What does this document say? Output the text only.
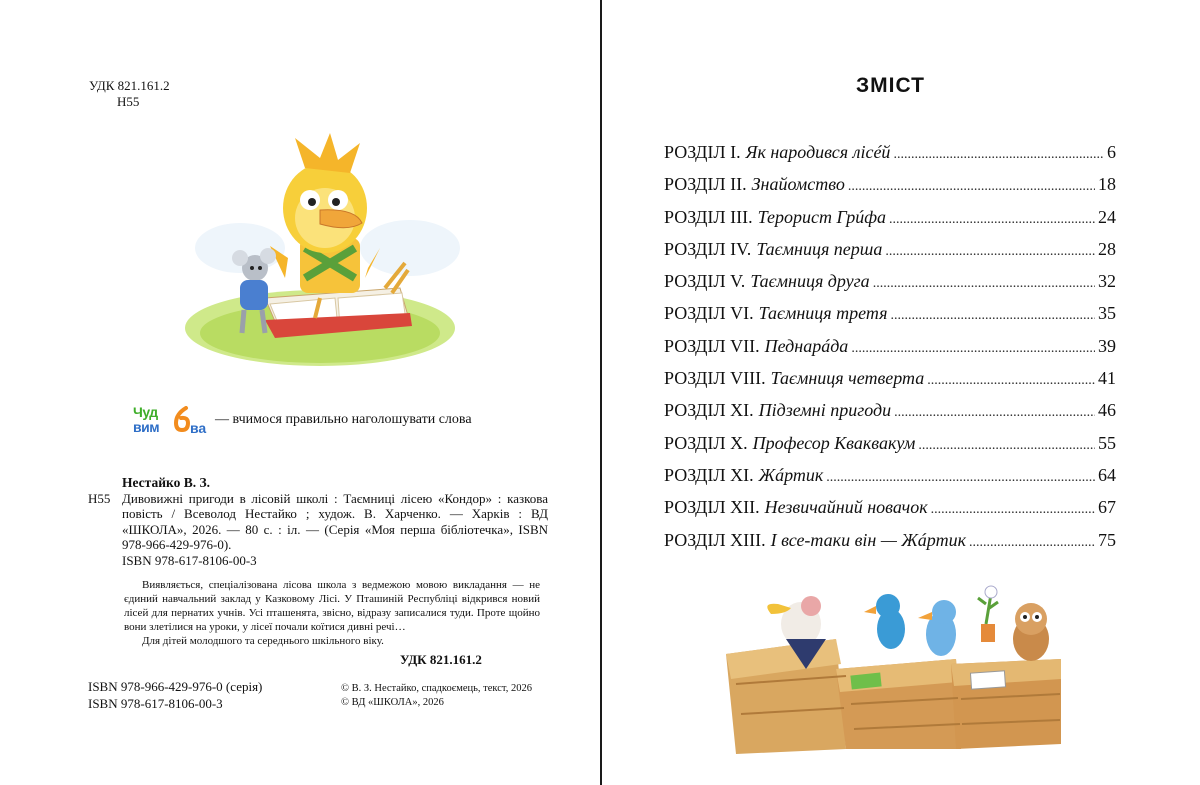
УДК 821.161.2
Н55
Чуд
вим ва
— вчимося правильно наголошувати слова
Нестайко В. З.
Н55 Дивовижні пригоди в лісовій школі : Таємниці лісею «Кондор» : казкова повість / Всеволод Нестайко ; худож. В. Харченко. — Харків : ВД «ШКОЛА», 2026. — 80 с. : іл. — (Серія «Моя перша бібліотечка», ISBN 978-966-429-976-0).
ISBN 978-617-8106-00-3
Виявляється, спеціалізована лісова школа з ведмежою мовою викладання — не єдиний навчальний заклад у Казковому Лісі. У Пташиній Республіці відкрився новий лісей для пернатих учнів. Усі пташенята, звісно, відразу записалися туди. Проте щойно вони злетілися на уроки, у лісеї почали коїтися дивні речі…
Для дітей молодшого та середнього шкільного віку.
УДК 821.161.2
ISBN 978-966-429-976-0 (серія)
ISBN 978-617-8106-00-3
© В. З. Нестайко, спадкоємець, текст, 2026
© ВД «ШКОЛА», 2026
ЗМІСТ
РОЗДІЛ I. Як народився лісéй .....	6
РОЗДІЛ II. Знайомство .....	18
РОЗДІЛ III. Терорист Грúфа .....	24
РОЗДІЛ IV. Таємниця перша .....	28
РОЗДІЛ V. Таємниця друга .....	32
РОЗДІЛ VI. Таємниця третя .....	35
РОЗДІЛ VII. Педнарáда .....	39
РОЗДІЛ VIII. Таємниця четверта .....	41
РОЗДІЛ XI. Підземні пригоди .....	46
РОЗДІЛ X. Професор Кваквакум .....	55
РОЗДІЛ XI. Жáртик .....	64
РОЗДІЛ XII. Незвичайний новачок .....	67
РОЗДІЛ XIII. І все-таки він — Жáртик .....	75
